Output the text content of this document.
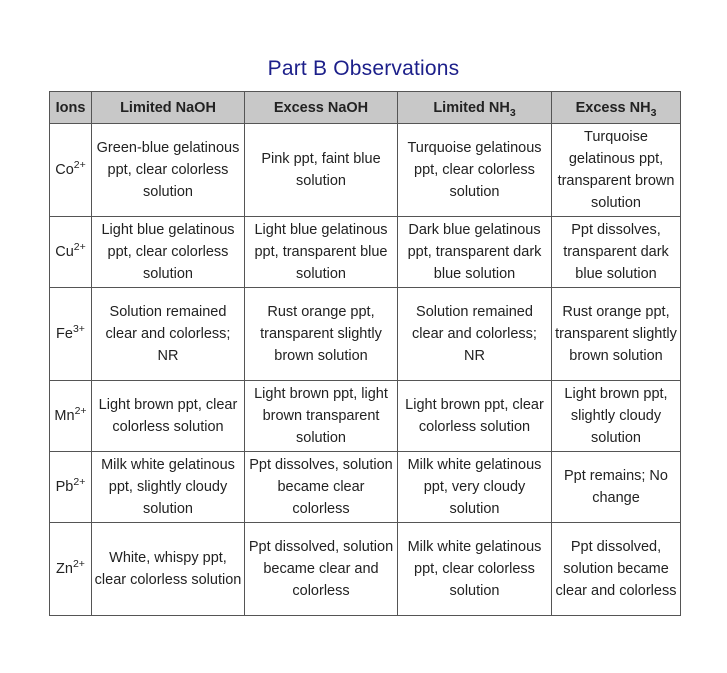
Part B Observations
Ions	Limited NaOH	Excess NaOH	Limited $NH_3$	Excess $NH_3$
$Co^{2+}$	Green-blue gelatinous ppt, clear colorless solution	Pink ppt, faint blue solution	Turquoise gelatinous ppt, clear colorless solution	Turquoise gelatinous ppt, transparent brown solution
$Cu^{2+}$	Light blue gelatinous ppt, clear colorless solution	Light blue gelatinous ppt, transparent blue solution	Dark blue gelatinous ppt, transparent dark blue solution	Ppt dissolves, transparent dark blue solution
$Fe^{3+}$	Solution remained clear and colorless; NR	Rust orange ppt, transparent slightly brown solution	Solution remained clear and colorless; NR	Rust orange ppt, transparent slightly brown solution
$Mn^{2+}$	Light brown ppt, clear colorless solution	Light brown ppt, light brown transparent solution	Light brown ppt, clear colorless solution	Light brown ppt, slightly cloudy solution
$Pb^{2+}$	Milk white gelatinous ppt, slightly cloudy solution	Ppt dissolves, solution became clear colorless	Milk white gelatinous ppt, very cloudy solution	Ppt remains; No change
$Zn^{2+}$	White, whispy ppt, clear colorless solution	Ppt dissolved, solution became clear and colorless	Milk white gelatinous ppt, clear colorless solution	Ppt dissolved, solution became clear and colorless
